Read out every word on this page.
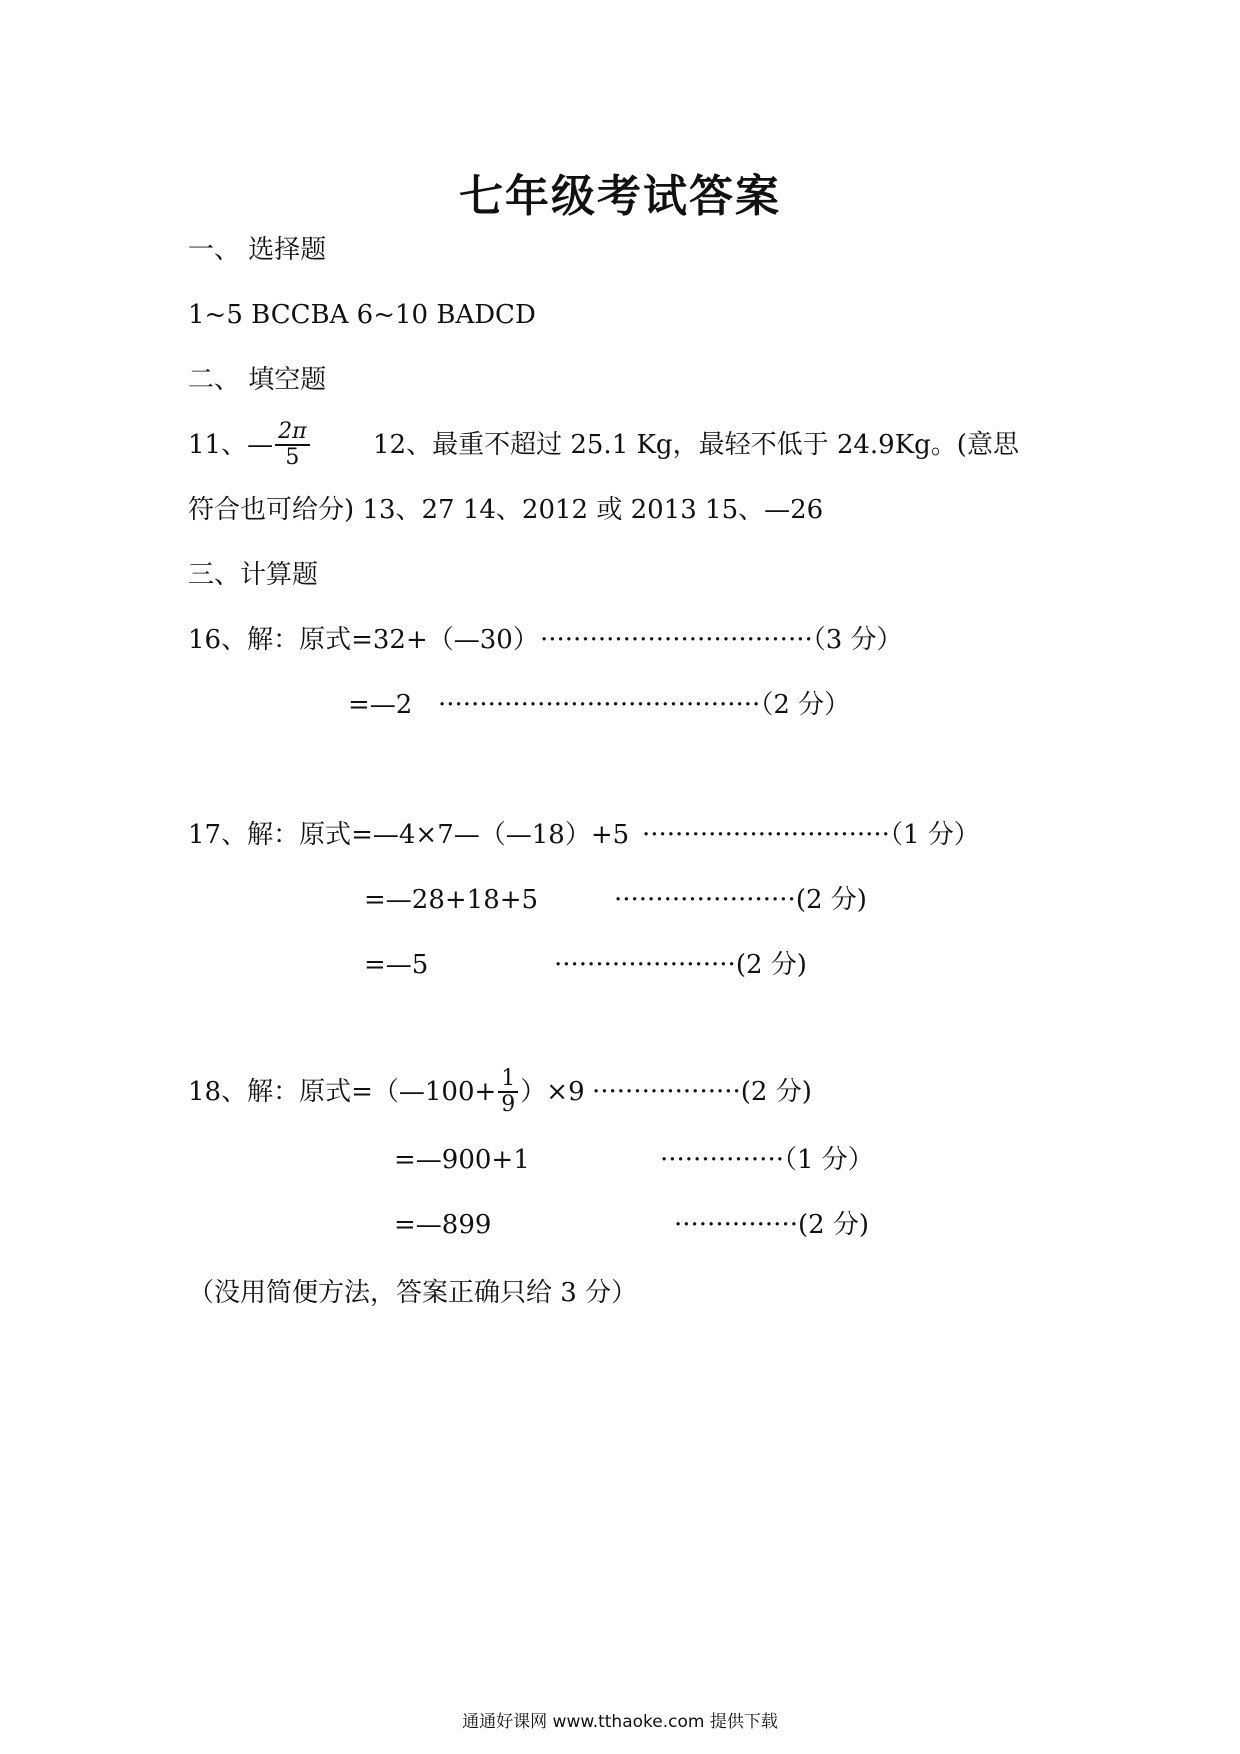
七年级考试答案
一、 选择题
1~5 BCCBA 6~10 BADCD
二、 填空题
11、— $\frac{2\pi}{5} 12$、最重不超过 25.1 Kg，最轻不低于 24.9Kg。(意思
符合也可给分) 13、27 14、2012 或 2013 15、—26
三、计算题
16、解：原式=32+（—30） ·································（3 分）
=—2 ·······································（2 分）
17、解：原式=—4×7—（—18）+5 ······························（1 分）
=—28+18+5	······················(2 分)
=—5	······················(2 分)
18、解：原式=（—100+ $\frac{1}{9} )\times 9 \cdot\cdot\cdot\cdot\cdot\cdot\cdot\cdot\cdot\cdot\cdot\cdot\cdot\cdot\cdot\cdot\cdot\cdot(2$ 分)
=—900+1	···············（1 分）
=—899	···············(2 分)
（没用简便方法，答案正确只给 3 分）
通通好课网 www.tthaoke.com 提供下载
